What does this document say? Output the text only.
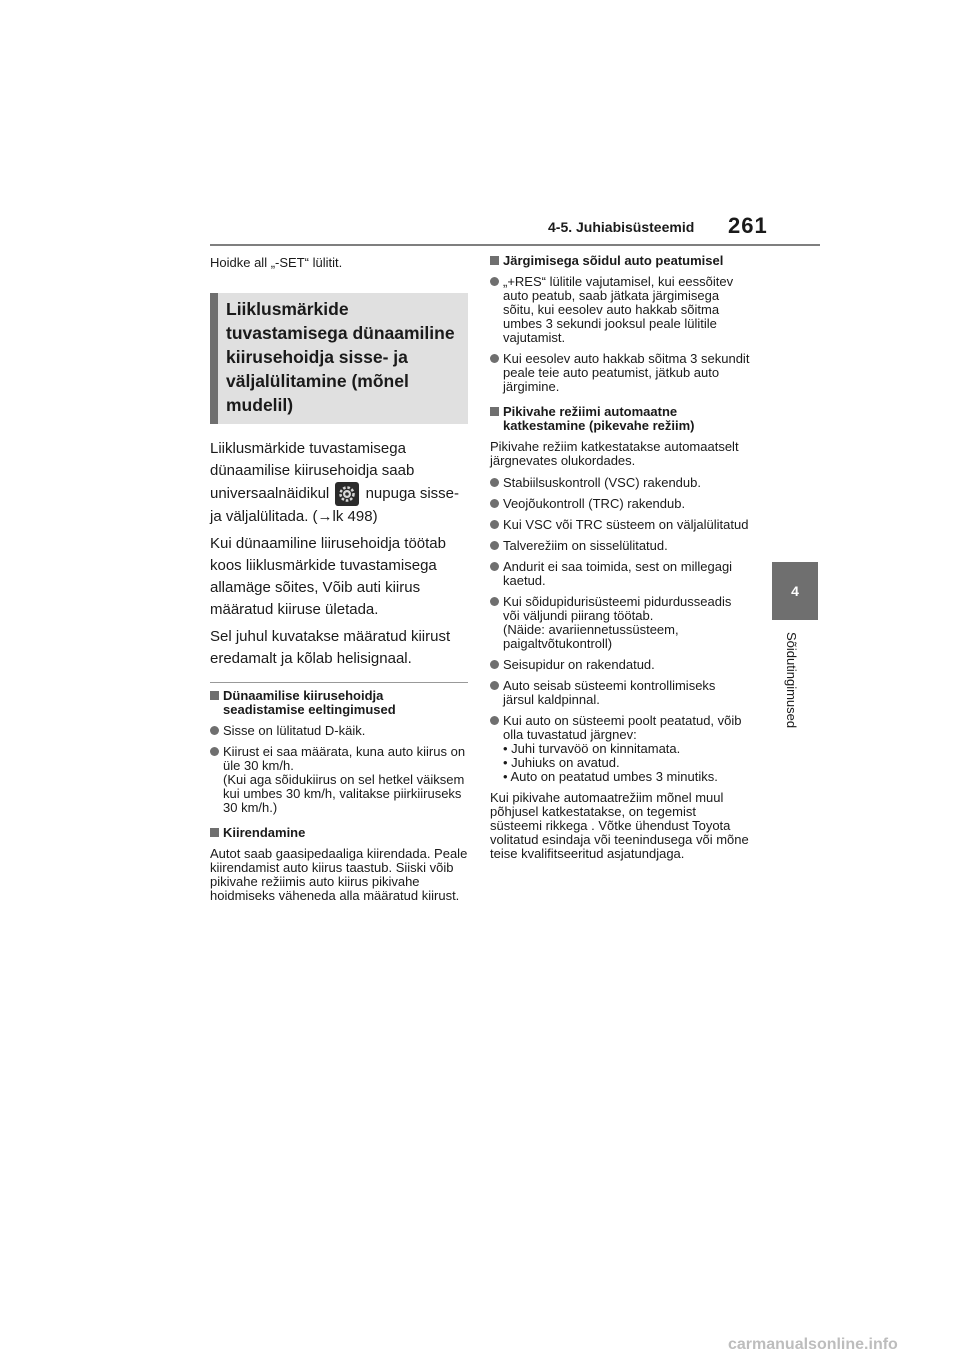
4-5. Juhiabisüsteemid 261
4
Sõidutingimused

Hoidke all „-SET“ lülitit.

Liiklusmärkide tuvastamisega dünaamiline kiirusehoidja sisse- ja väljalülitamine (mõnel mudelil)

Liiklusmärkide tuvastamisega dünaamilise kiirusehoidja saab universaalnäidikul nupuga sisse- ja väljalülitada. (→lk 498)

Kui dünaamiline liirusehoidja töötab koos liiklusmärkide tuvastamisega allamäge sõites, Võib auti kiirus määratud kiiruse ületada.

Sel juhul kuvatakse määratud kiirust eredamalt ja kõlab helisignaal.

Dünaamilise kiirusehoidja seadistamise eeltingimused
Sisse on lülitatud D-käik.
Kiirust ei saa määrata, kuna auto kiirus on üle 30 km/h.
(Kui aga sõidukiirus on sel hetkel väiksem kui umbes 30 km/h, valitakse piirkiiruseks 30 km/h.)
Kiirendamine

Autot saab gaasipedaaliga kiirendada. Peale kiirendamist auto kiirus taastub. Siiski võib pikivahe režiimis auto kiirus pikivahe hoidmiseks väheneda alla määratud kiirust.

Järgimisega sõidul auto peatumisel
„+RES“ lülitile vajutamisel, kui eessõitev auto peatub, saab jätkata järgimisega sõitu, kui eesolev auto hakkab sõitma umbes 3 sekundi jooksul peale lülitile vajutamist.
Kui eesolev auto hakkab sõitma 3 sekundit peale teie auto peatumist, jätkub auto järgimine.
Pikivahe režiimi automaatne katkestamine (pikevahe režiim)

Pikivahe režiim katkestatakse automaatselt järgnevates olukordades.

Stabiilsuskontroll (VSC) rakendub.
Veojõukontroll (TRC) rakendub.
Kui VSC või TRC süsteem on väljalülitatud
Talverežiim on sisselülitatud.
Andurit ei saa toimida, sest on millegagi kaetud.
Kui sõidupidurisüsteemi pidurdusseadis või väljundi piirang töötab.
(Näide: avariiennetussüsteem, paigaltvõtukontroll)
Seisupidur on rakendatud.
Auto seisab süsteemi kontrollimiseks järsul kaldpinnal.
Kui auto on süsteemi poolt peatatud, võib olla tuvastatud järgnev:
• Juhi turvavöö on kinnitamata.
• Juhiuks on avatud.
• Auto on peatatud umbes 3 minutiks.

Kui pikivahe automaatrežiim mõnel muul põhjusel katkestatakse, on tegemist süsteemi rikkega . Võtke ühendust Toyota volitatud esindaja või teenindusega või mõne teise kvalifitseeritud asjatundjaga.

carmanualsonline.info
